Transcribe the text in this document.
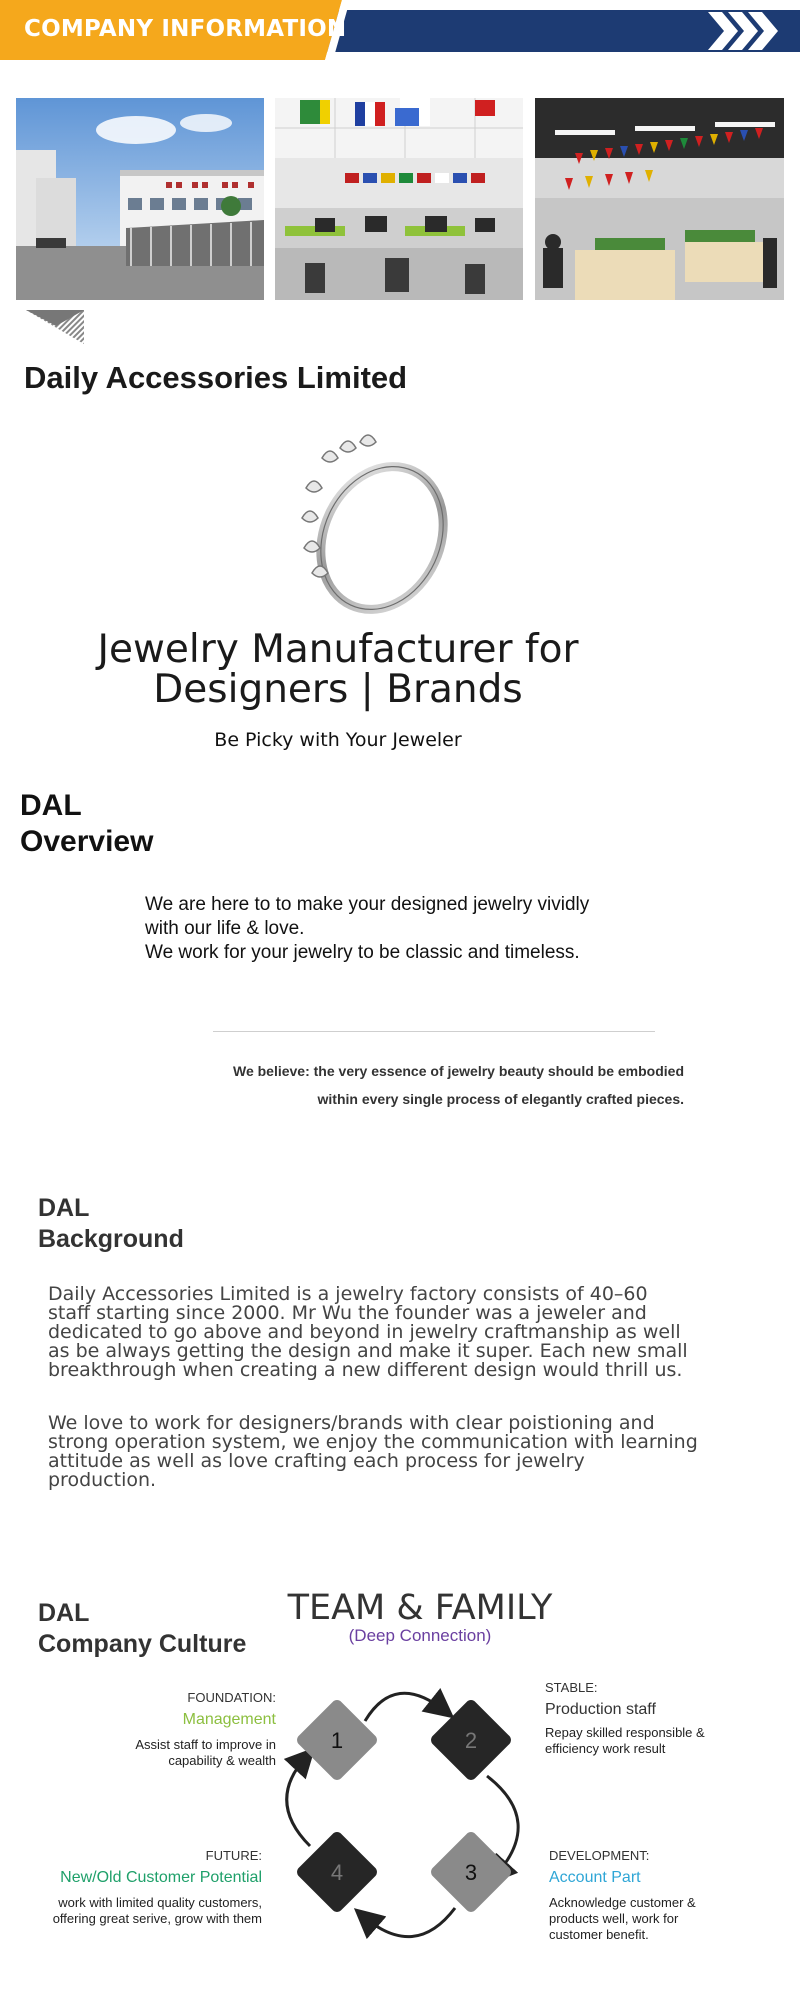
COMPANY INFORMATION
Daily Accessories Limited
Jewelry Manufacturer for
Designers | Brands
Be Picky with Your Jeweler
DAL
Overview
We are here to to make your designed jewelry vividly
with our life & love.
We work for your jewelry to be classic and timeless.
We believe: the very essence of jewelry beauty should be embodied
within every single process of elegantly crafted pieces.
DAL
Background
Daily Accessories Limited is a jewelry factory consists of 40–60
staff starting since 2000. Mr Wu the founder was a jeweler and
dedicated to go above and beyond in jewelry craftmanship as well
as be always getting the design and make it super. Each new small
breakthrough when creating a new different design would thrill us.
We love to work for designers/brands with clear poistioning and
strong operation system, we enjoy the communication with learning
attitude as well as love crafting each process for jewelry
production.
DAL
Company Culture
TEAM & FAMILY
(Deep Connection)
1	2
3
4
FOUNDATION:
Management
Assist staff to improve in
capability & wealth
STABLE:
Production staff
Repay skilled responsible &
efficiency work result
FUTURE:
New/Old Customer Potential
work with limited quality customers,
offering great serive, grow with them
DEVELOPMENT:
Account Part
Acknowledge customer &
products well, work for
customer benefit.
